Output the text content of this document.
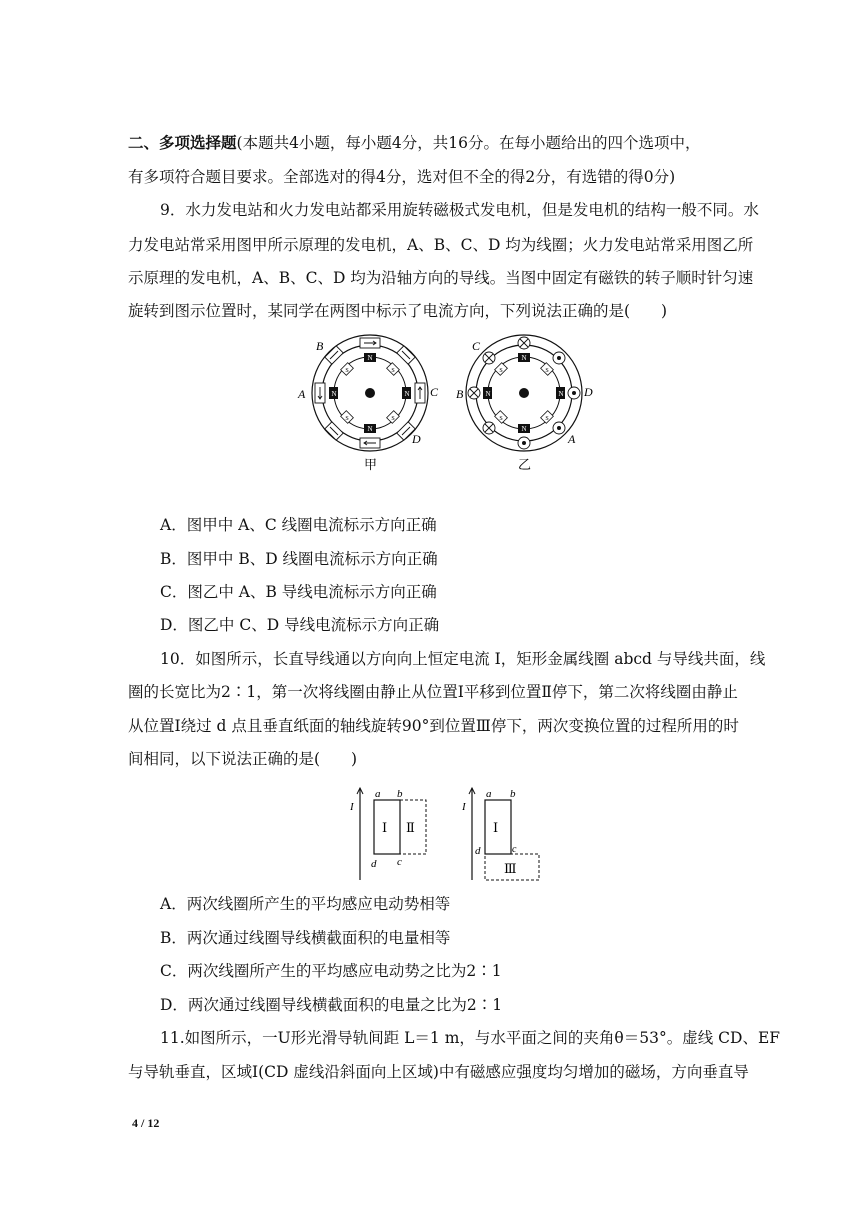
二、多项选择题(本题共4小题，每小题4分，共16分。在每小题给出的四个选项中，
有多项符合题目要求。全部选对的得4分，选对但不全的得2分，有选错的得0分)
9．水力发电站和火力发电站都采用旋转磁极式发电机，但是发电机的结构一般不同。水
力发电站常采用图甲所示原理的发电机，A、B、C、D 均为线圈；火力发电站常采用图乙所
示原理的发电机，A、B、C、D 均为沿轴方向的导线。当图中固定有磁铁的转子顺时针匀速
旋转到图示位置时，某同学在两图中标示了电流方向，下列说法正确的是(　　)
N
N
N	N
S	S
S	S
B
A	C
D
甲
N
N
N	N
S	S
S	S
C
B	D
A
乙
A．图甲中 A、C 线圈电流标示方向正确
B．图甲中 B、D 线圈电流标示方向正确
C．图乙中 A、B 导线电流标示方向正确
D．图乙中 C、D 导线电流标示方向正确
10．如图所示，长直导线通以方向向上恒定电流 I，矩形金属线圈 abcd 与导线共面，线
圈的长宽比为2∶1，第一次将线圈由静止从位置Ⅰ平移到位置Ⅱ停下，第二次将线圈由静止
从位置Ⅰ绕过 d 点且垂直纸面的轴线旋转90°到位置Ⅲ停下，两次变换位置的过程所用的时
间相同，以下说法正确的是(　　)
I
a b
c
d
Ⅰ Ⅱ
I
a b
c
d
Ⅰ
Ⅲ
A．两次线圈所产生的平均感应电动势相等
B．两次通过线圈导线横截面积的电量相等
C．两次线圈所产生的平均感应电动势之比为2∶1
D．两次通过线圈导线横截面积的电量之比为2∶1
11.如图所示，一U形光滑导轨间距 L＝1 m，与水平面之间的夹角θ＝53°。虚线 CD、EF
与导轨垂直，区域Ⅰ(CD 虚线沿斜面向上区域)中有磁感应强度均匀增加的磁场，方向垂直导
4 / 12
